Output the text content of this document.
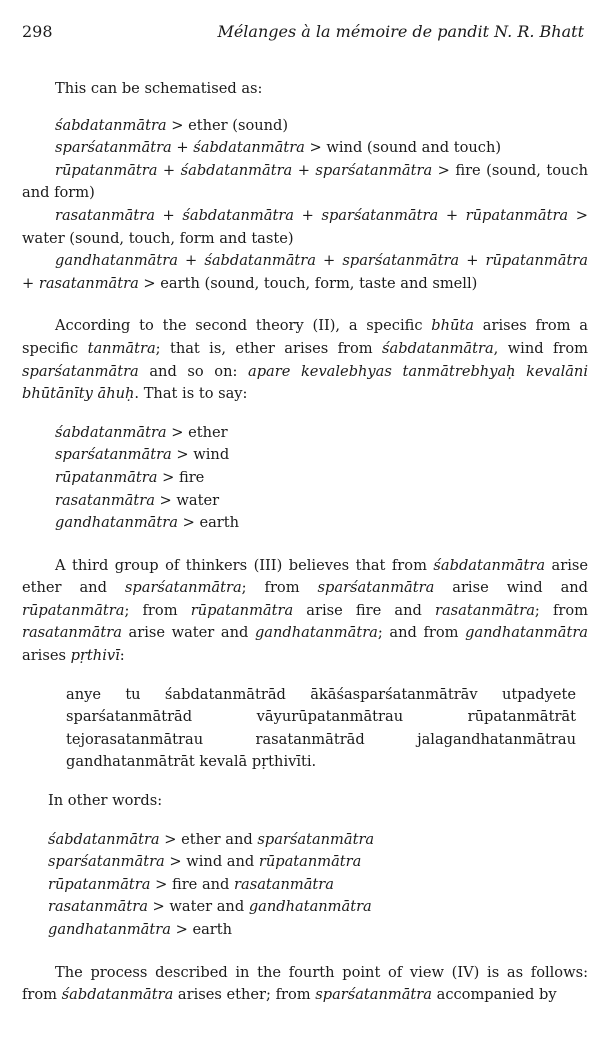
298	Mélanges à la mémoire de pandit N. R. Bhatt

This can be schematised as:

śabdatanmātra > ether (sound)
sparśatanmātra + śabdatanmātra > wind (sound and touch)
rūpatanmātra + śabdatanmātra + sparśatanmātra > fire (sound, touch and form)
rasatanmātra + śabdatanmātra + sparśatanmātra + rūpatanmātra > water (sound, touch, form and taste)
gandhatanmātra + śabdatanmātra + sparśatanmātra + rūpatanmātra + rasatanmātra > earth (sound, touch, form, taste and smell)

According to the second theory (II), a specific bhūta arises from a specific tanmātra; that is, ether arises from śabdatanmātra, wind from sparśatanmātra and so on: apare kevalebhyas tanmātrebhyaḥ kevalāni bhūtānīty āhuḥ. That is to say:

śabdatanmātra > ether
sparśatanmātra > wind
rūpatanmātra > fire
rasatanmātra > water
gandhatanmātra > earth

A third group of thinkers (III) believes that from śabdatanmātra arise ether and sparśatanmātra; from sparśatanmātra arise wind and rūpatanmātra; from rūpatanmātra arise fire and rasatanmātra; from rasatanmātra arise water and gandhatanmātra; and from gandhatanmātra arises pṛthivī:

anye tu śabdatanmātrād ākāśasparśatanmātrāv utpadyete sparśatanmātrād vāyurūpatanmātrau rūpatanmātrāt tejorasatanmātrau rasatanmātrād jalagandhatanmātrau gandhatanmātrāt kevalā pṛthivīti.

In other words:

śabdatanmātra > ether and sparśatanmātra
sparśatanmātra > wind and rūpatanmātra
rūpatanmātra > fire and rasatanmātra
rasatanmātra > water and gandhatanmātra
gandhatanmātra > earth

The process described in the fourth point of view (IV) is as follows: from śabdatanmātra arises ether; from sparśatanmātra accompanied by
